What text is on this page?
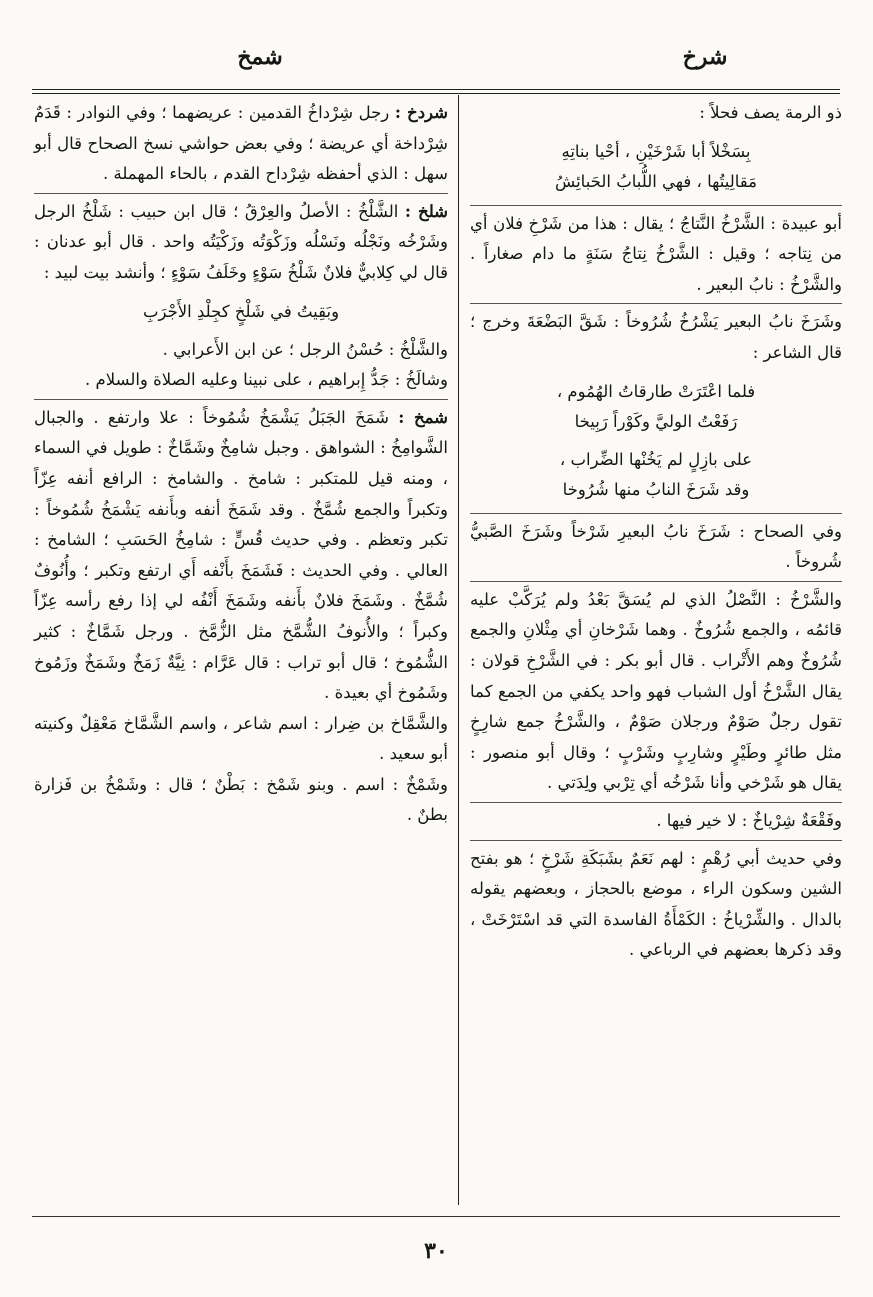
شرخ
شمخ

ذو الرمة يصف فحلاً :

بِسَخْلاً أبا شَرْخَيْنِ ، أحْيا بناتِهِ
مَقالِيتُها ، فهي اللُّبابُ الحَبائِشُ

أبو عبيدة : الشَّرْخُ النَّتاجُ ؛ يقال : هذا من شَرْخِ فلان أي من نِتاجه ؛ وقيل : الشَّرْخُ نِتاجُ سَنَةٍ ما دام صغاراً . والشَّرْخُ : نابُ البعير .

وشَرَخَ نابُ البعير يَشْرُخُ شُرُوخاً : شَقَّ البَضْعَةَ وخرج ؛ قال الشاعر :

فلما اعْتَرَتْ طارقاتُ الهُمُوم ،
رَفَعْتُ الوليَّ وكَوْراً رَبِيخا
على بازِلٍ لم يَخُنْها الضِّراب ،
وقد شَرَخَ النابُ منها شُرُوخا

وفي الصحاح : شَرَخَ نابُ البعيرِ شَرْخاً وشَرَخَ الصَّبيُّ شُروخاً .

والشَّرْخُ : النَّصْلُ الذي لم يُسَقَّ بَعْدُ ولم يُرَكَّبْ عليه قائمُه ، والجمع شُرُوخٌ . وهما شَرْخانِ أي مِثْلانِ والجمع شُرُوخٌ وهم الأَتْراب . قال أبو بكر : في الشَّرْخِ قولان : يقال الشَّرْخُ أول الشباب فهو واحد يكفي من الجمع كما تقول رجلٌ صَوْمٌ ورجلان صَوْمٌ ، والشَّرْخُ جمع شارِخٍ مثل طائرٍ وطَيْرٍ وشارِبٍ وشَرْبٍ ؛ وقال أبو منصور : يقال هو شَرْخي وأنا شَرْخُه أي تِرْبي ولِدَتي .

وفَقْعَةٌ شِرْياخٌ : لا خير فيها .

وفي حديث أبي رُهْمٍ : لهم نَعَمٌ بشَبَكَةِ شَرْخٍ ؛ هو بفتح الشين وسكون الراء ، موضع بالحجاز ، وبعضهم يقوله بالدال . والشِّرْياخُ : الكَمْأَةُ الفاسدة التي قد اسْتَرْخَتْ ، وقد ذكرها بعضهم في الرباعي .

شردخ : رجل شِرْداخُ القدمين : عريضهما ؛ وفي النوادر : قَدَمٌ شِرْداخة أي عريضة ؛ وفي بعض حواشي نسخ الصحاح قال أبو سهل : الذي أحفظه شِرْداح القدم ، بالحاء المهملة .

شلخ : الشَّلْخُ : الأصلُ والعِرْقُ ؛ قال ابن حبيب : شَلْخُ الرجل وشَرْخُه ونَجْلُه ونَسْلُه وزَكْوَتُه وزَكْيَتُه واحد . قال أبو عدنان : قال لي كِلابيٌّ فلانٌ شَلْخُ سَوْءٍ وخَلَفُ سَوْءٍ ؛ وأنشد بيت لبيد :

وبَقِيتُ في شَلْخٍ كجِلْدِ الأَجْرَبِ

والشَّلْخُ : حُسْنُ الرجل ؛ عن ابن الأَعرابي .

وشالَخُ : جَدُّ إِبراهيم ، على نبينا وعليه الصلاة والسلام .

شمخ : شَمَخَ الجَبَلُ يَشْمَخُ شُمُوخاً : علا وارتفع . والجبال الشَّوامِخُ : الشواهق . وجبل شامِخٌ وشَمَّاخٌ : طويل في السماء ، ومنه قيل للمتكبر : شامخ . والشامخ : الرافع أنفه عِزّاً وتكبراً والجمع شُمَّخٌ . وقد شَمَخَ أنفه وبأَنفه يَشْمَخُ شُمُوخاً : تكبر وتعظم . وفي حديث قُسٍّ : شامِخُ الحَسَبِ ؛ الشامخ : العالي . وفي الحديث : فَشَمَخَ بأَنْفه أَي ارتفع وتكبر ؛ وأُنُوفٌ شُمَّخٌ . وشَمَخَ فلانٌ بأَنفه وشَمَخَ أَنْفُه لي إذا رفع رأسه عِزّاً وكبراً ؛ والأُنوفُ الشُّمَّخ مثل الزُّمَّخ . ورجل شَمَّاخٌ : كثير الشُّمُوخ ؛ قال أبو تراب : قال عَرَّام : نِيَّةٌ زَمَخٌ وشَمَخٌ وزَمُوخ وشَمُوخ أي بعيدة .

والشَّمَّاخ بن ضِرار : اسم شاعر ، واسم الشَّمَّاخ مَعْقِلٌ وكنيته أبو سعيد .

وشَمْخٌ : اسم . وبنو شَمْخ : بَطْنٌ ؛ قال : وشَمْخُ بن فَزارة بطنٌ .

٣٠
